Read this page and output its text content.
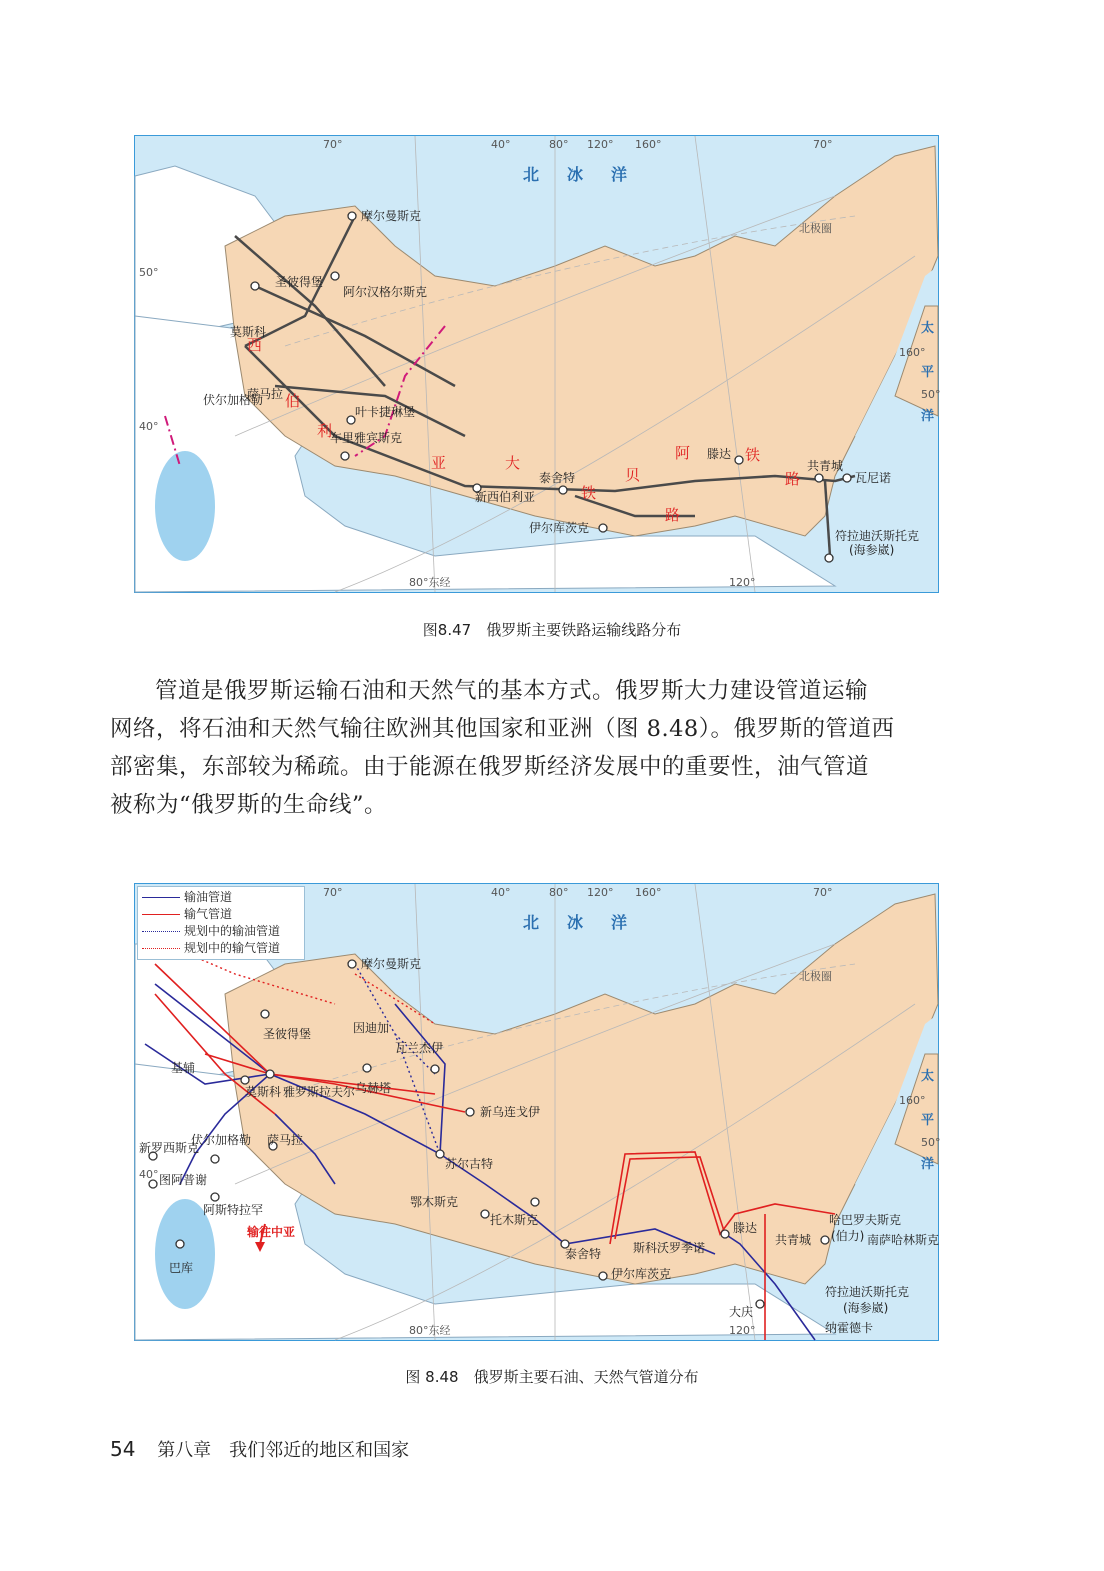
摩尔曼斯克
阿尔汉格尔斯克
圣彼得堡
莫斯科
伏尔加格勒
萨马拉
叶卡捷琳堡
车里雅宾斯克
新西伯利亚
泰舍特
伊尔库茨克
滕达
共青城
瓦尼诺
符拉迪沃斯托克
(海参崴)
北 冰 洋
太
平
洋
西
伯
利
亚	大
铁
贝
阿	铁
路
路
70°	40°	80° 120° 160°	70°
80°东经	120°
50°
40°
160°
50°
北极圈
图8.47　俄罗斯主要铁路运输线路分布
管道是俄罗斯运输石油和天然气的基本方式。俄罗斯大力建设管道运输
网络，将石油和天然气输往欧洲其他国家和亚洲（图 8.48）。俄罗斯的管道西
部密集，东部较为稀疏。由于能源在俄罗斯经济发展中的重要性，油气管道
被称为“俄罗斯的生命线”。
摩尔曼斯克
圣彼得堡	因迪加
瓦兰杰伊
雅罗斯拉夫尔 乌赫塔
新乌连戈伊
莫斯科
基辅
萨马拉
伏尔加格勒
新罗西斯克
图阿普谢
阿斯特拉罕
巴库
苏尔古特
鄂木斯克
托木斯克
泰舍特	斯科沃罗季诺
伊尔库茨克
滕达
共青城
哈巴罗夫斯克
(伯力) 南萨哈林斯克
符拉迪沃斯托克
(海参崴)
纳霍德卡
大庆
北 冰 洋
太
平
洋
70°	40°	80° 120° 160°	70°
80°东经	120°
40°
160°
50°
北极圈
输往中亚
输油管道
输气管道
规划中的输油管道
规划中的输气管道
图 8.48　俄罗斯主要石油、天然气管道分布
54 第八章　我们邻近的地区和国家
